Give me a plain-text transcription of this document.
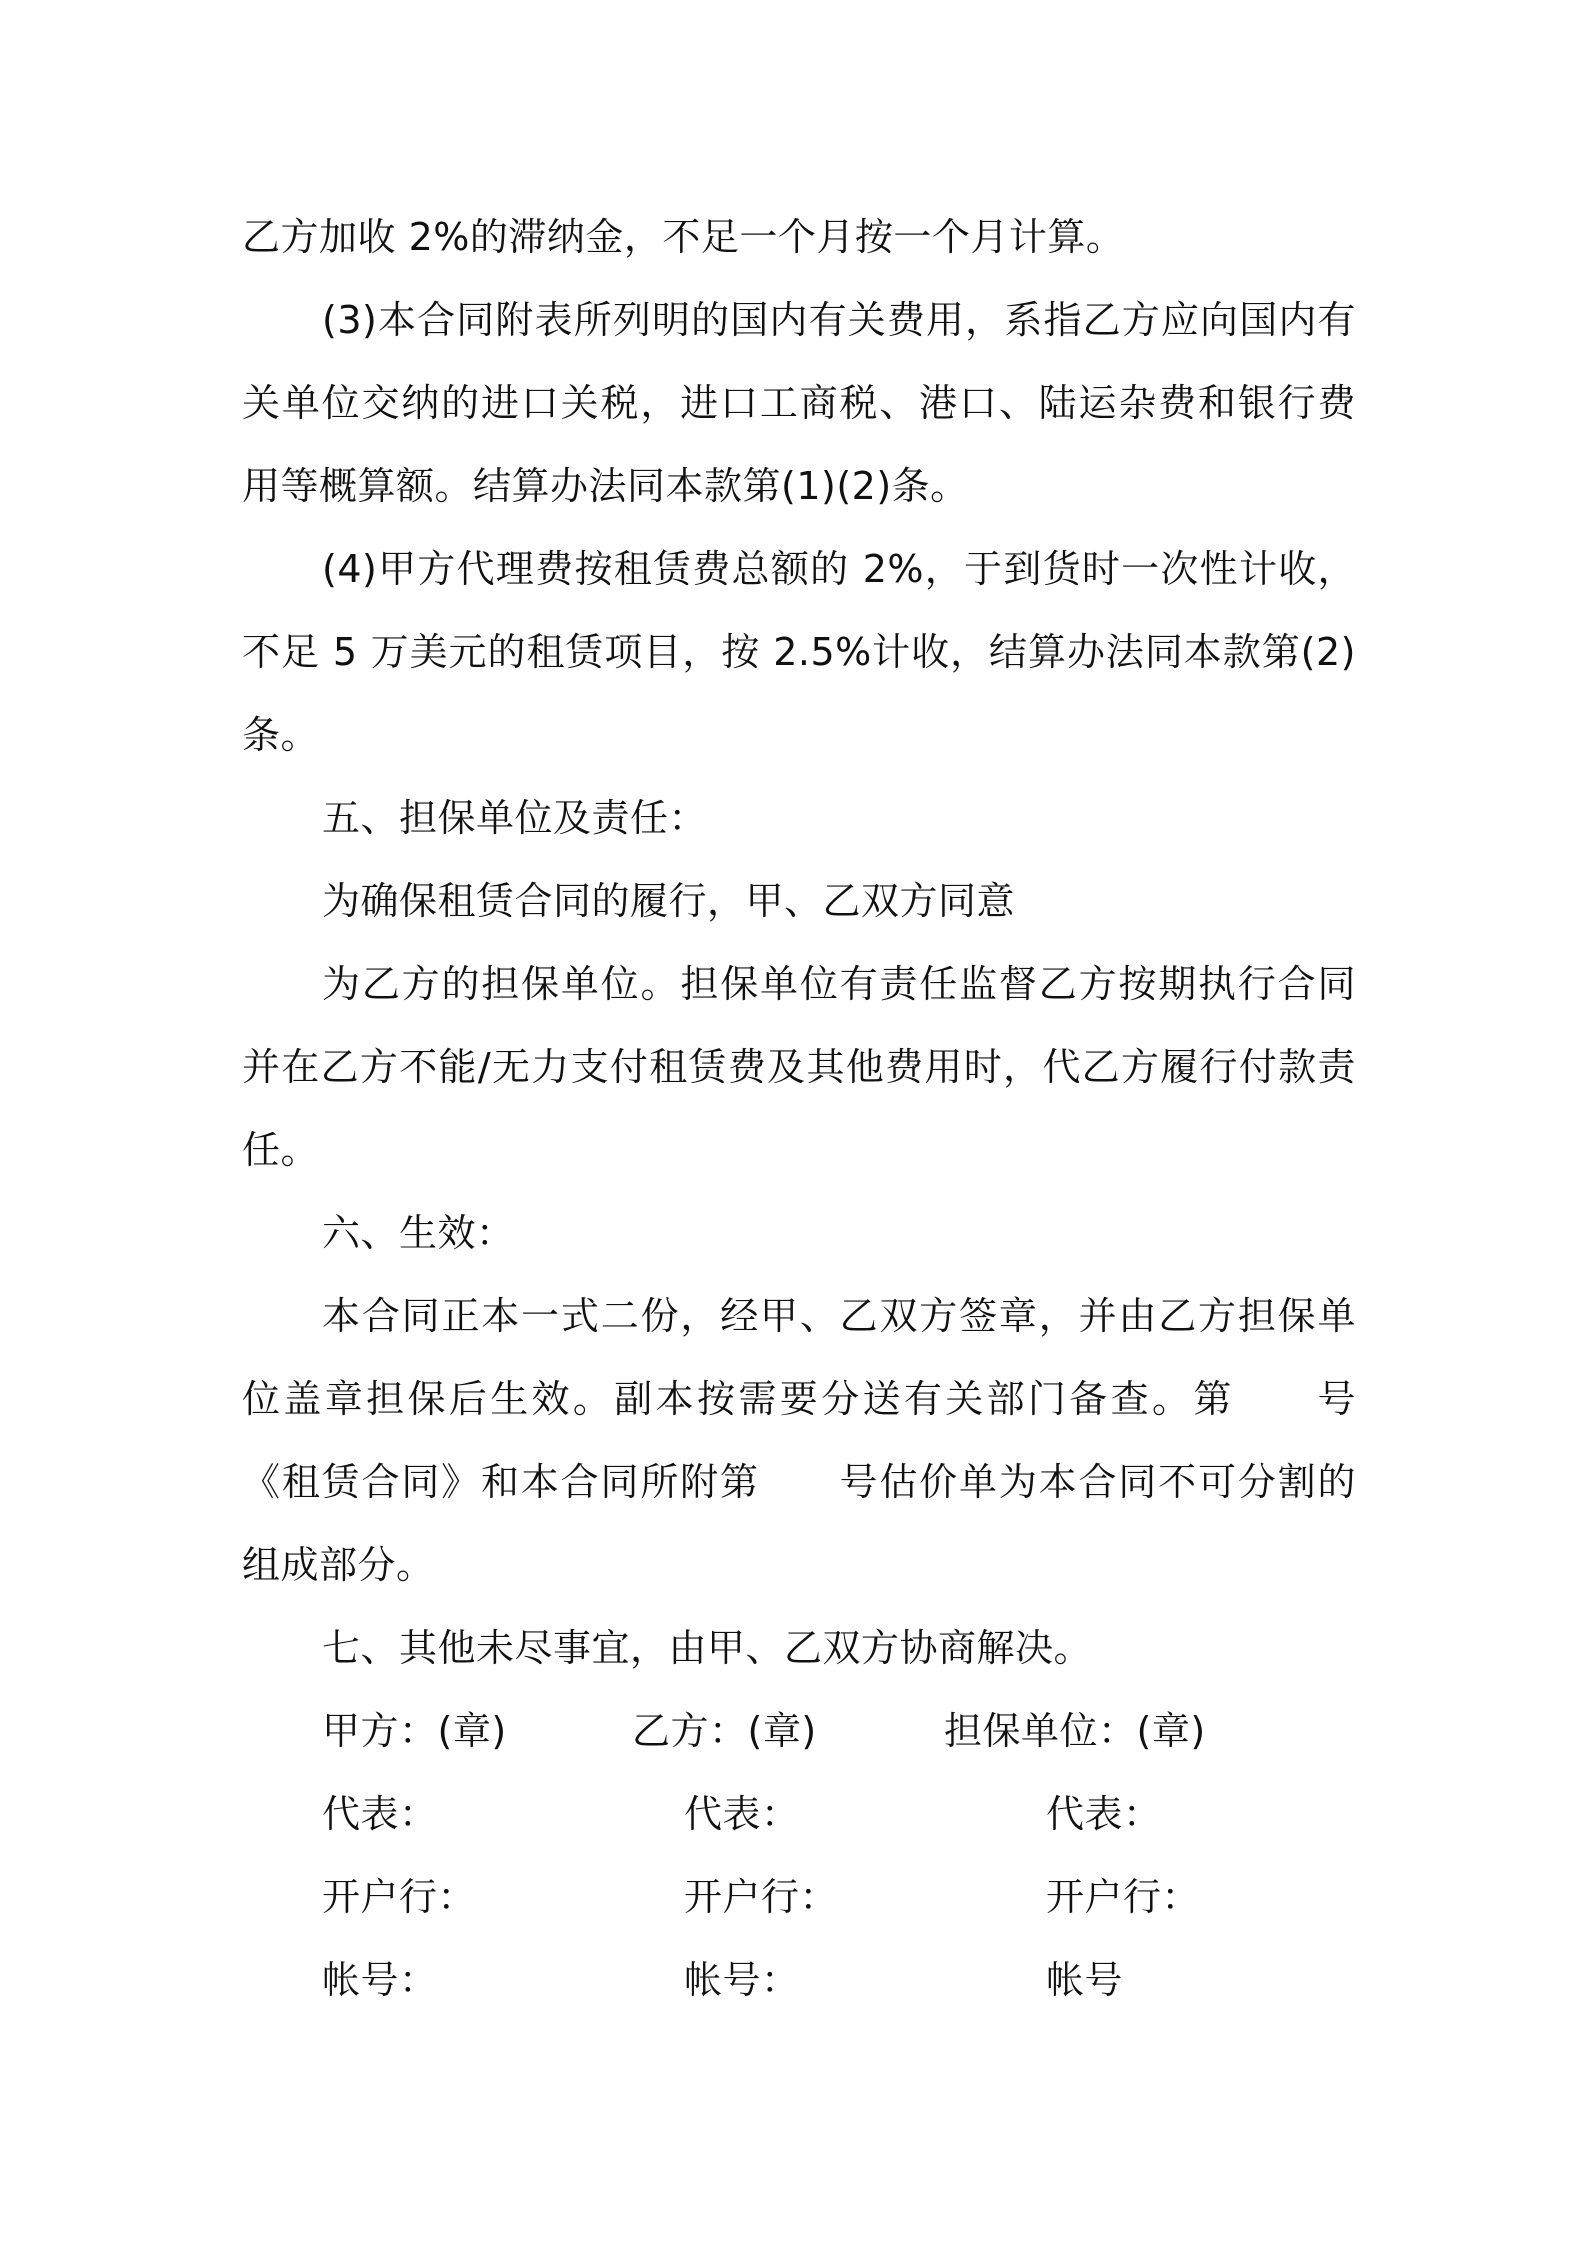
乙方加收 2%的滞纳金，不足一个月按一个月计算。

(3)本合同附表所列明的国内有关费用，系指乙方应向国内有关单位交纳的进口关税，进口工商税、港口、陆运杂费和银行费用等概算额。结算办法同本款第(1)(2)条。

(4)甲方代理费按租赁费总额的 2%，于到货时一次性计收，不足 5 万美元的租赁项目，按 2.5%计收，结算办法同本款第(2)条。

五、担保单位及责任：

为确保租赁合同的履行，甲、乙双方同意

为乙方的担保单位。担保单位有责任监督乙方按期执行合同并在乙方不能/无力支付租赁费及其他费用时，代乙方履行付款责任。

六、生效：

本合同正本一式二份，经甲、乙双方签章，并由乙方担保单位盖章担保后生效。副本按需要分送有关部门备查。第　　号《租赁合同》和本合同所附第　　号估价单为本合同不可分割的组成部分。

七、其他未尽事宜，由甲、乙双方协商解决。

甲方：(章)	乙方：(章)	担保单位：(章)
代表：	代表：	代表：
开户行：	开户行：	开户行：
帐号：	帐号：	帐号
